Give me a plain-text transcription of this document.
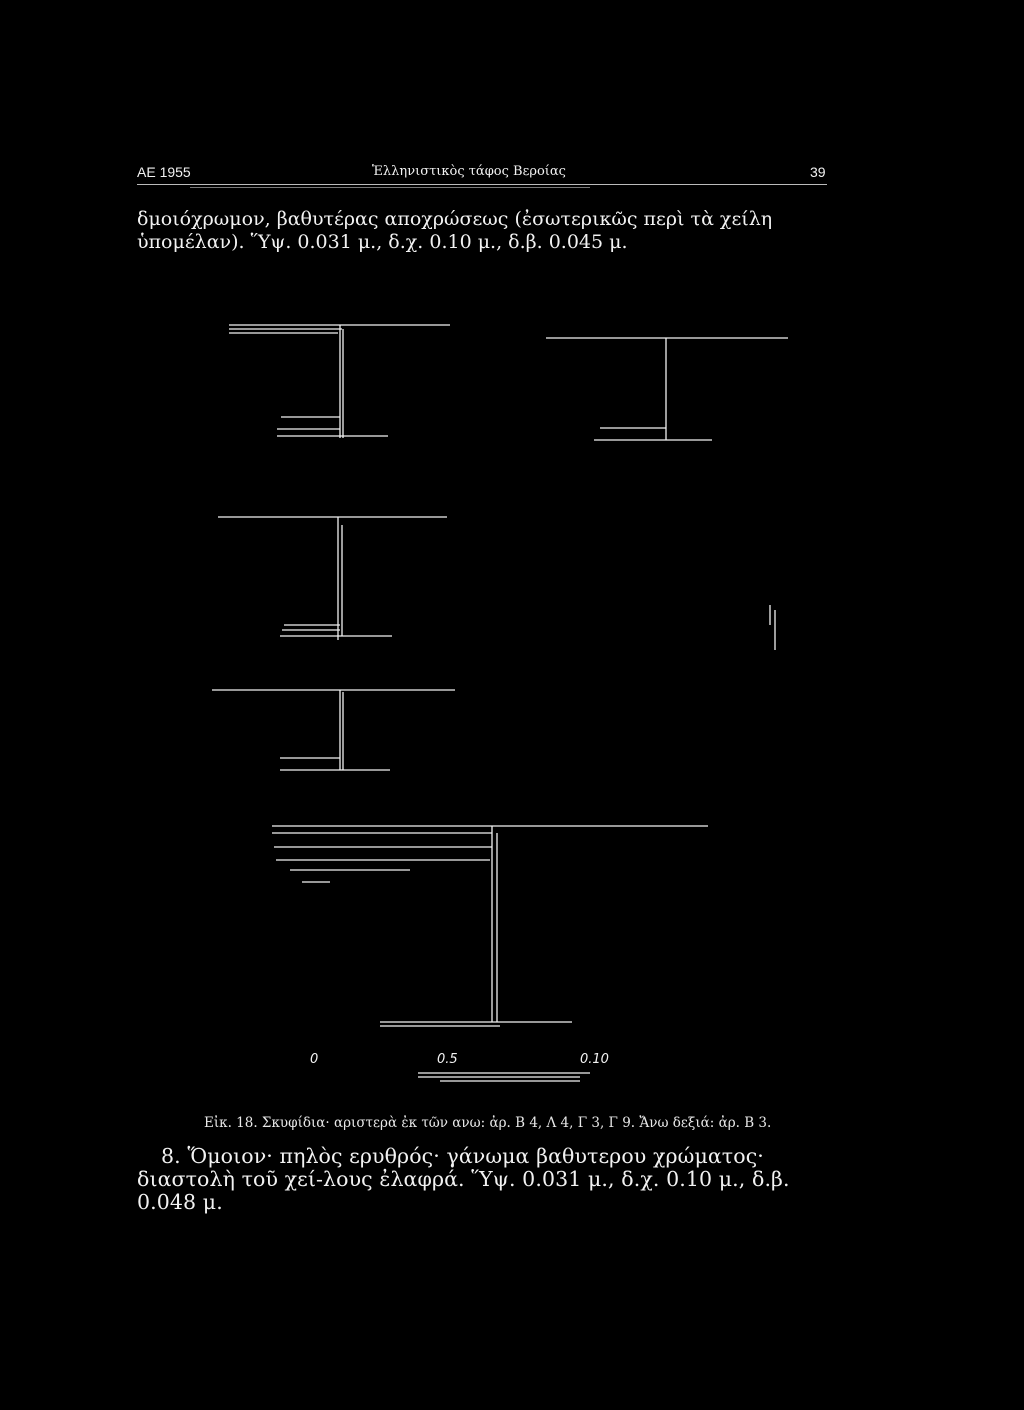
AE 1955	Ἑλληνιστικὸς τάφος Βεροίας	39
δμοιόχρωμον, βαθυτέρας αποχρώσεως (ἐσωτερικῶς περὶ τὰ χείλη ὑπομέλαν). Ὕψ. 0.031 μ., δ.χ. 0.10 μ., δ.β. 0.045 μ.
0	0.5	0.10
Εἰκ. 18. Σκυφίδια· αριστερὰ ἐκ τῶν ανω: ἀρ. Β 4, Λ 4, Γ 3, Γ 9. Ἄνω δεξιά: ἀρ. Β 3.
8. Ὅμοιον· πηλὸς ερυθρός· γάνωμα βαθυτερου χρώματος· διαστολὴ τοῦ χεί-λους ἐλαφρά. Ὕψ. 0.031 μ., δ.χ. 0.10 μ., δ.β. 0.048 μ.
